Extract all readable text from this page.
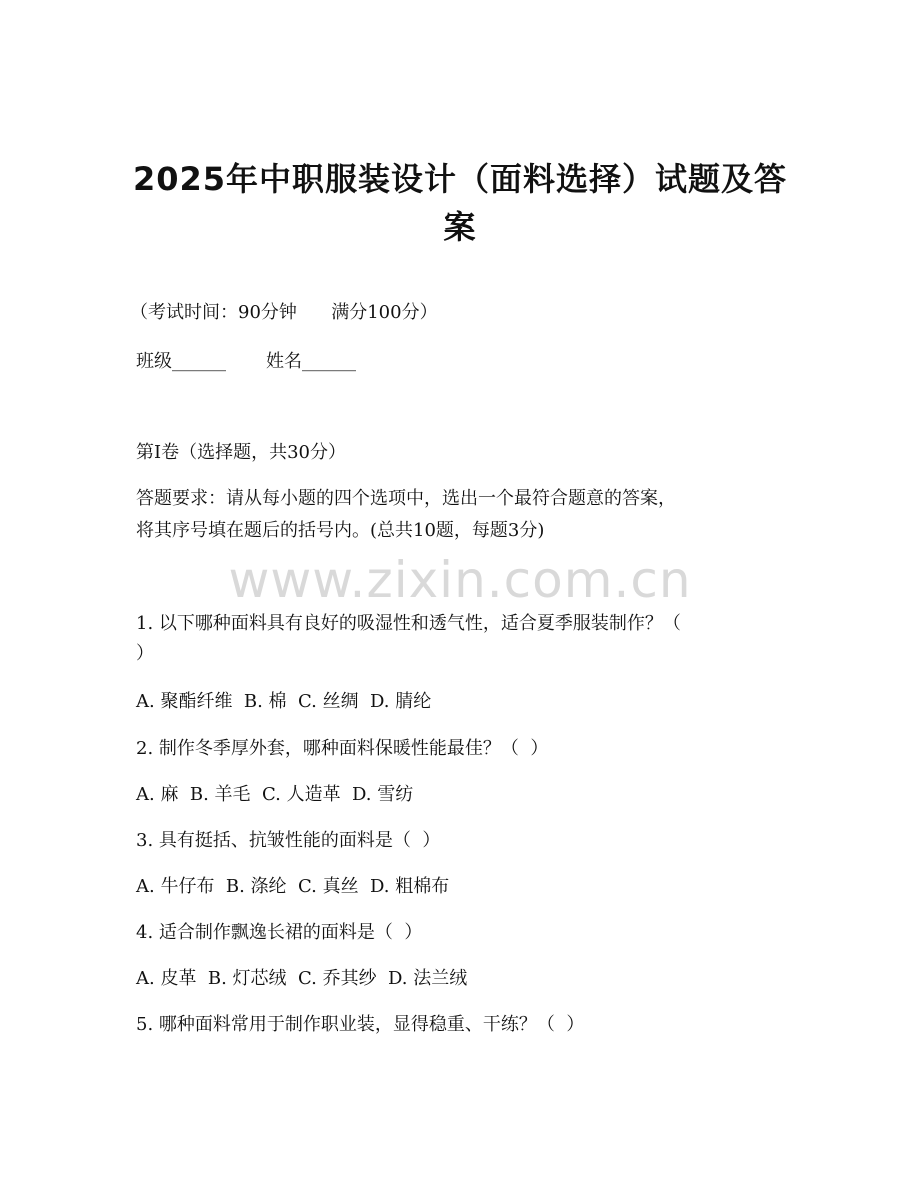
2025年中职服装设计（面料选择）试题及答
案

（考试时间：90分钟      满分100分）

班级______       姓名______

第I卷（选择题，共30分）

答题要求：请从每小题的四个选项中，选出一个最符合题意的答案，

将其序号填在题后的括号内。(总共10题，每题3分)

www.zixin.com.cn

1. 以下哪种面料具有良好的吸湿性和透气性，适合夏季服装制作？（

）

A. 聚酯纤维  B. 棉  C. 丝绸  D. 腈纶

2. 制作冬季厚外套，哪种面料保暖性能最佳？（  ）

A. 麻  B. 羊毛  C. 人造革  D. 雪纺

3. 具有挺括、抗皱性能的面料是（  ）

A. 牛仔布  B. 涤纶  C. 真丝  D. 粗棉布

4. 适合制作飘逸长裙的面料是（  ）

A. 皮革  B. 灯芯绒  C. 乔其纱  D. 法兰绒

5. 哪种面料常用于制作职业装，显得稳重、干练？（  ）
